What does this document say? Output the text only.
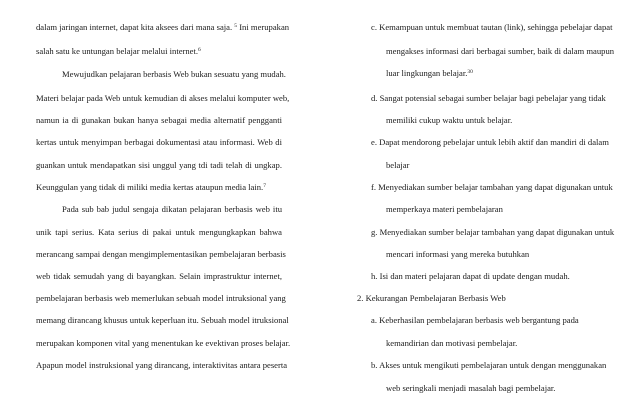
dalam jaringan internet, dapat kita aksees dari mana saja. $^5$ Ini merupakan
salah satu ke untungan belajar melalui internet.$^6$
Mewujudkan pelajaran berbasis Web bukan sesuatu yang mudah.
Materi belajar pada Web untuk kemudian di akses melalui komputer web,
namun ia di gunakan bukan hanya sebagai media alternatif pengganti
kertas untuk menyimpan berbagai dokumentasi atau informasi. Web di
guankan untuk mendapatkan sisi unggul yang tdi tadi telah di ungkap.
Keunggulan yang tidak di miliki media kertas ataupun media lain.$^7$
Pada sub bab judul sengaja dikatan pelajaran berbasis web itu
unik tapi serius. Kata serius di pakai untuk mengungkapkan bahwa
merancang sampai dengan mengimplementasikan pembelajaran berbasis
web tidak semudah yang di bayangkan. Selain imprastruktur internet,
pembelajaran berbasis web memerlukan sebuah model intruksional yang
memang dirancang khusus untuk keperluan itu. Sebuah model itruksional
merupakan komponen vital yang menentukan ke evektivan proses belajar.
Apapun model instruksional yang dirancang, interaktivitas antara peserta
c. Kemampuan untuk membuat tautan (link), sehingga pebelajar dapat
mengakses informasi dari berbagai sumber, baik di dalam maupun
luar lingkungan belajar.$^{30}$
d. Sangat potensial sebagai sumber belajar bagi pebelajar yang tidak
memiliki cukup waktu untuk belajar.
e. Dapat mendorong pebelajar untuk lebih aktif dan mandiri di dalam
belajar
f. Menyediakan sumber belajar tambahan yang dapat digunakan untuk
memperkaya materi pembelajaran
g. Menyediakan sumber belajar tambahan yang dapat digunakan untuk
mencari informasi yang mereka butuhkan
h. Isi dan materi pelajaran dapat di update dengan mudah.
2. Kekurangan Pembelajaran Berbasis Web
a. Keberhasilan pembelajaran berbasis web bergantung pada
kemandirian dan motivasi pembelajar.
b. Akses untuk mengikuti pembelajaran untuk dengan menggunakan
web seringkali menjadi masalah bagi pembelajar.
